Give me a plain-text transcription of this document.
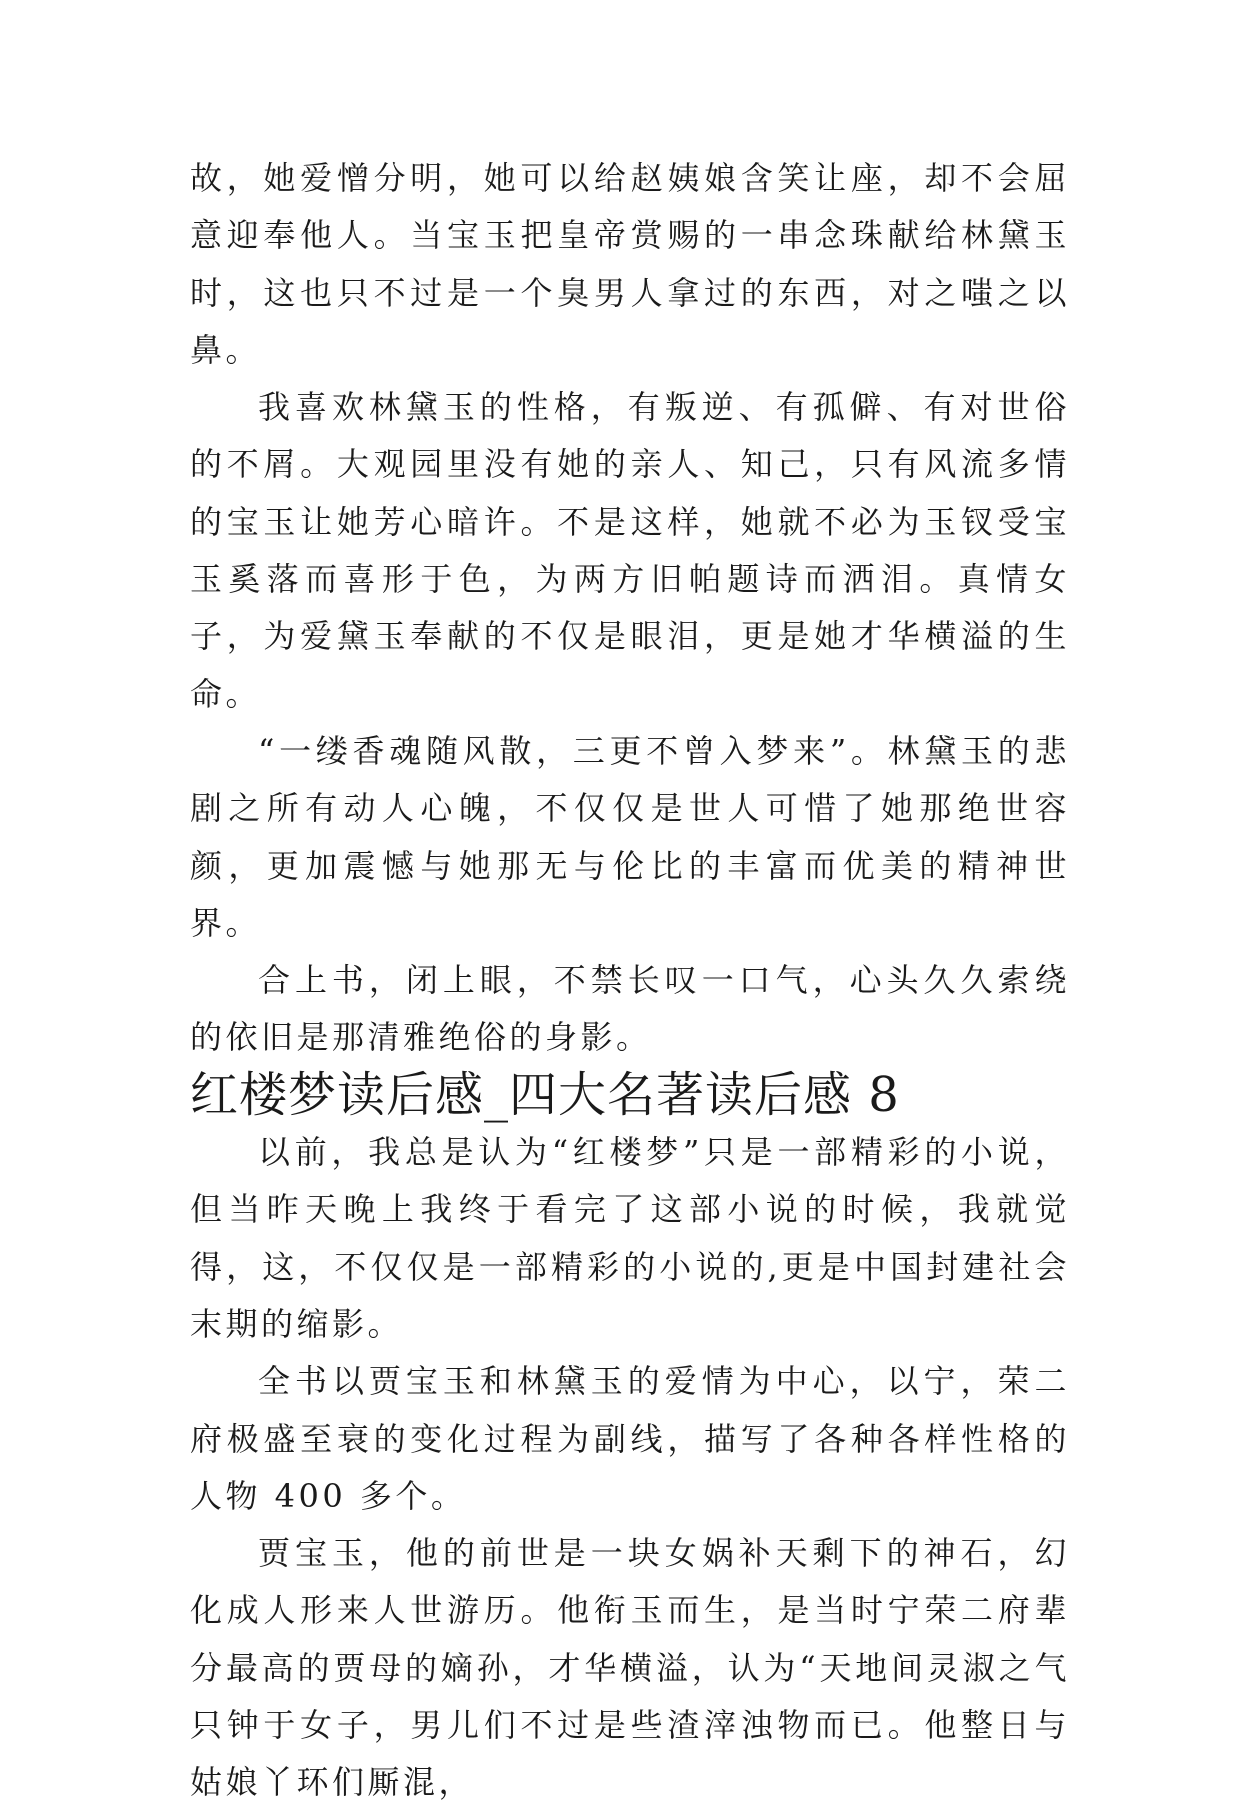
故，她爱憎分明，她可以给赵姨娘含笑让座，却不会屈意迎奉他人。当宝玉把皇帝赏赐的一串念珠献给林黛玉时，这也只不过是一个臭男人拿过的东西，对之嗤之以鼻。

我喜欢林黛玉的性格，有叛逆、有孤僻、有对世俗的不屑。大观园里没有她的亲人、知己，只有风流多情的宝玉让她芳心暗许。不是这样，她就不必为玉钗受宝玉奚落而喜形于色，为两方旧帕题诗而洒泪。真情女子，为爱黛玉奉献的不仅是眼泪，更是她才华横溢的生命。

“一缕香魂随风散，三更不曾入梦来”。林黛玉的悲剧之所有动人心魄，不仅仅是世人可惜了她那绝世容颜，更加震憾与她那无与伦比的丰富而优美的精神世界。

合上书，闭上眼，不禁长叹一口气，心头久久索绕的依旧是那清雅绝俗的身影。

红楼梦读后感_四大名著读后感 8

以前，我总是认为“红楼梦”只是一部精彩的小说，但当昨天晚上我终于看完了这部小说的时候，我就觉得，这，不仅仅是一部精彩的小说的,更是中国封建社会末期的缩影。

全书以贾宝玉和林黛玉的爱情为中心，以宁，荣二府极盛至衰的变化过程为副线，描写了各种各样性格的人物 400 多个。

贾宝玉，他的前世是一块女娲补天剩下的神石，幻化成人形来人世游历。他衔玉而生，是当时宁荣二府辈分最高的贾母的嫡孙，才华横溢，认为“天地间灵淑之气只钟于女子，男儿们不过是些渣滓浊物而已。他整日与姑娘丫环们厮混，
